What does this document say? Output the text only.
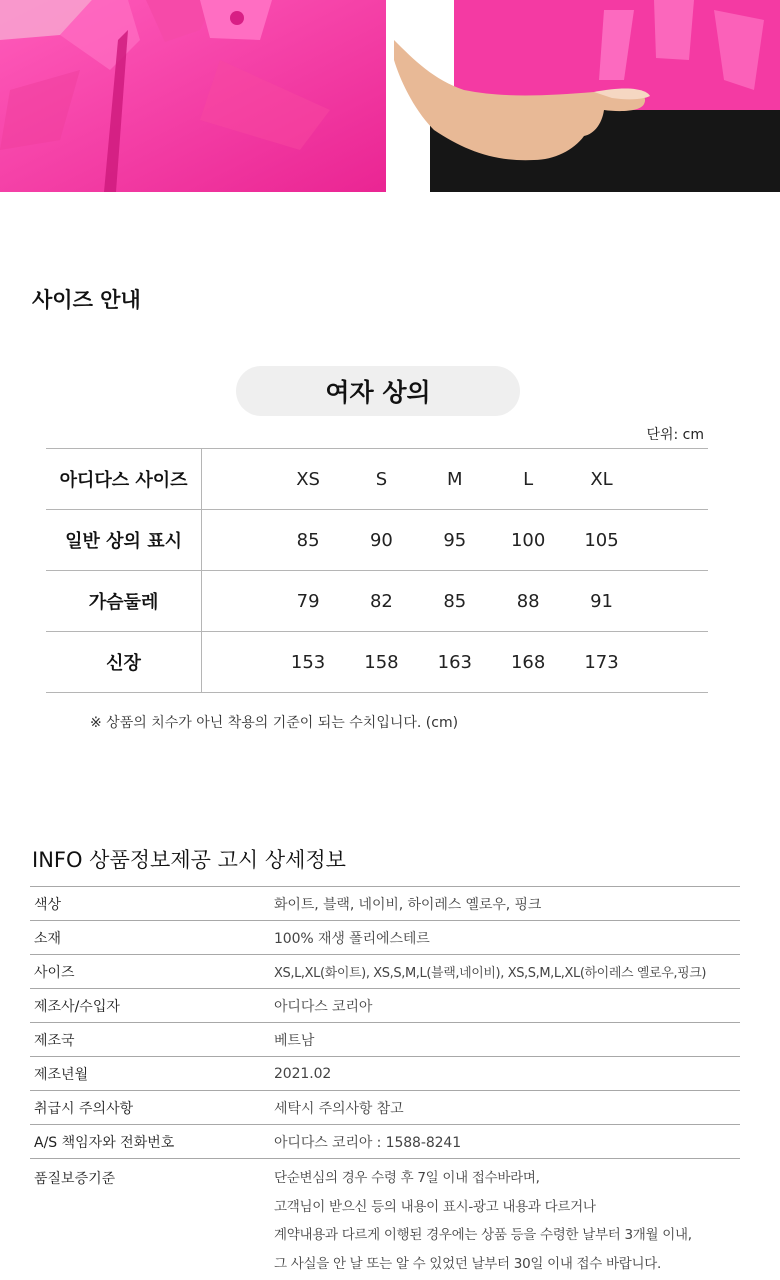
사이즈 안내
여자 상의
단위: cm
아디다스 사이즈		XS	S	M	L	XL	
일반 상의 표시		85	90	95	100	105	
가슴둘레		79	82	85	88	91	
신장		153	158	163	168	173	
※ 상품의 치수가 아닌 착용의 기준이 되는 수치입니다. (cm)
INFO 상품정보제공 고시 상세정보
색상	화이트, 블랙, 네이비, 하이레스 옐로우, 핑크
소재	100% 재생 폴리에스테르
사이즈	XS,L,XL(화이트), XS,S,M,L(블랙,네이비), XS,S,M,L,XL(하이레스 옐로우,핑크)
제조사/수입자	아디다스 코리아
제조국	베트남
제조년월	2021.02
취급시 주의사항	세탁시 주의사항 참고
A/S 책임자와 전화번호	아디다스 코리아 : 1588-8241
품질보증기준	단순변심의 경우 수령 후 7일 이내 접수바라며,
고객님이 받으신 등의 내용이 표시-광고 내용과 다르거나
계약내용과 다르게 이행된 경우에는 상품 등을 수령한 날부터 3개월 이내,
그 사실을 안 날 또는 알 수 있었던 날부터 30일 이내 접수 바랍니다.
